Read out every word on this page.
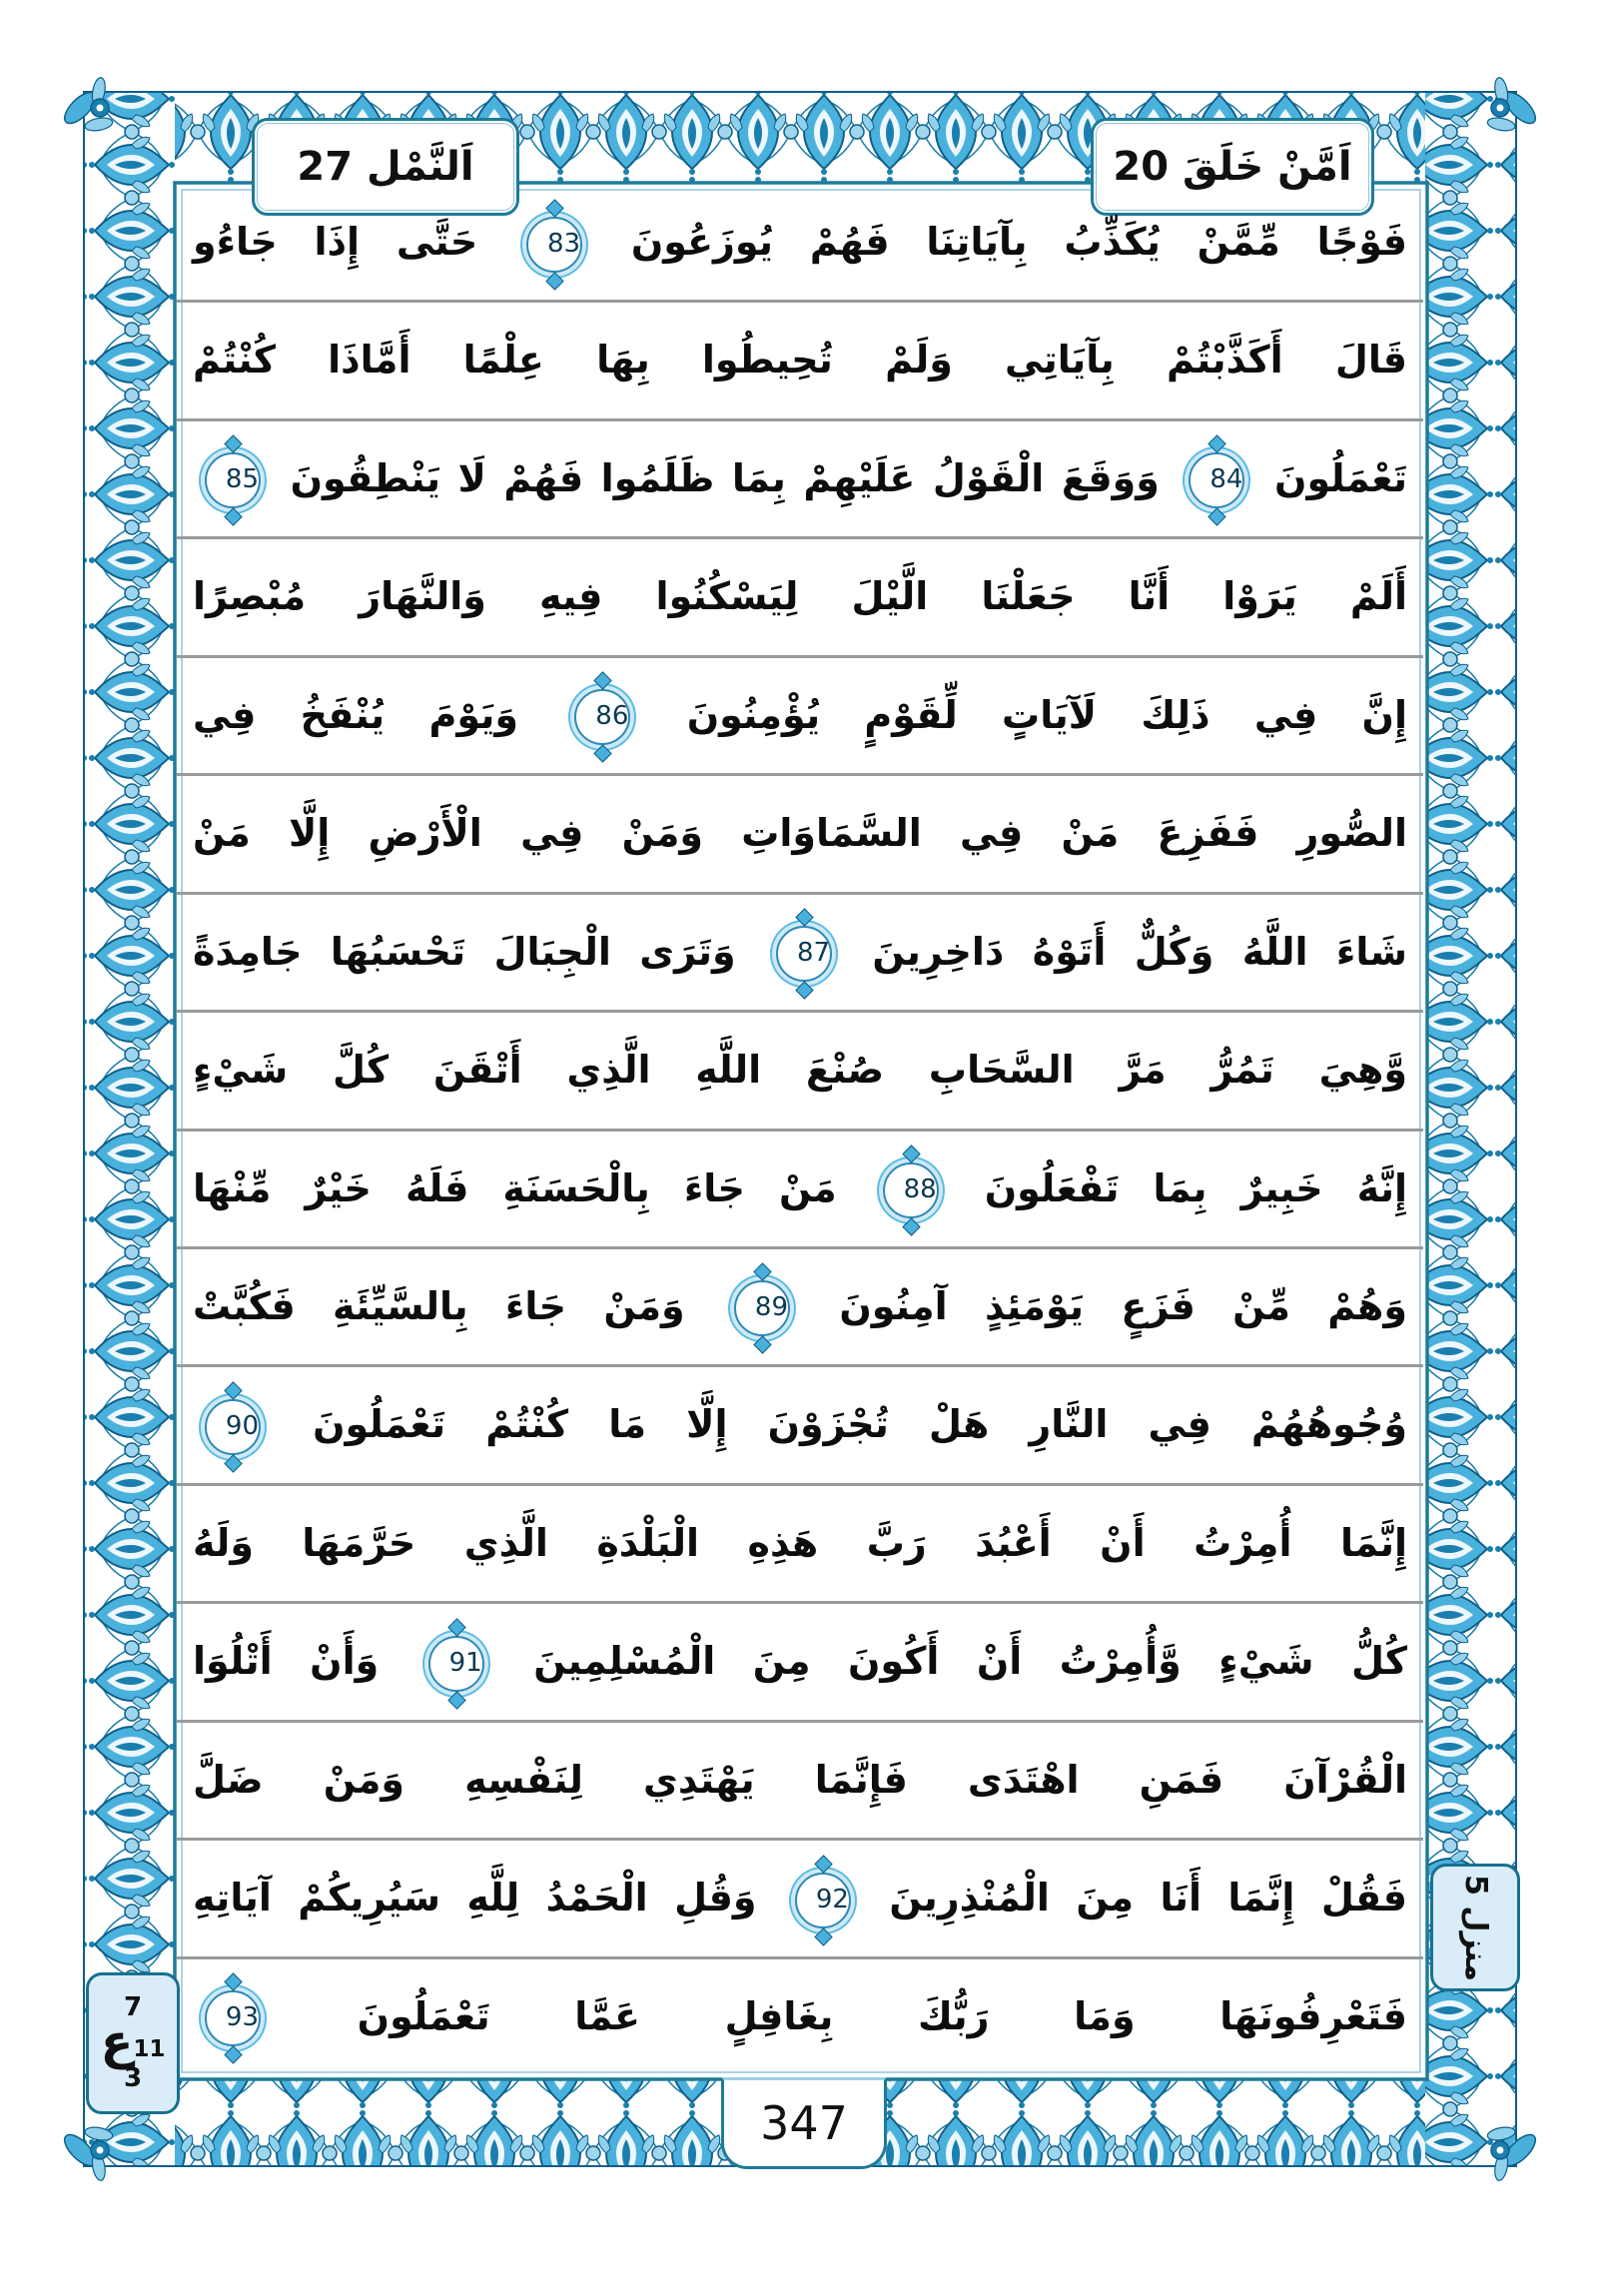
اَلنَّمْل 27	اَمَّنْ خَلَقَ 20
فَوْجًا مِّمَّنْ يُكَذِّبُ بِآيَاتِنَا فَهُمْ يُوزَعُونَ 83 حَتَّى إِذَا جَاءُو
قَالَ أَكَذَّبْتُمْ بِآيَاتِي وَلَمْ تُحِيطُوا بِهَا عِلْمًا أَمَّاذَا كُنْتُمْ
تَعْمَلُونَ 84 وَوَقَعَ الْقَوْلُ عَلَيْهِمْ بِمَا ظَلَمُوا فَهُمْ لَا يَنْطِقُونَ 85
أَلَمْ يَرَوْا أَنَّا جَعَلْنَا الَّيْلَ لِيَسْكُنُوا فِيهِ وَالنَّهَارَ مُبْصِرًا
إِنَّ فِي ذَلِكَ لَآيَاتٍ لِّقَوْمٍ يُؤْمِنُونَ 86 وَيَوْمَ يُنْفَخُ فِي
الصُّورِ فَفَزِعَ مَنْ فِي السَّمَاوَاتِ وَمَنْ فِي الْأَرْضِ إِلَّا مَنْ
شَاءَ اللَّهُ وَكُلٌّ أَتَوْهُ دَاخِرِينَ 87 وَتَرَى الْجِبَالَ تَحْسَبُهَا جَامِدَةً
وَّهِيَ تَمُرُّ مَرَّ السَّحَابِ صُنْعَ اللَّهِ الَّذِي أَتْقَنَ كُلَّ شَيْءٍ
إِنَّهُ خَبِيرٌ بِمَا تَفْعَلُونَ 88 مَنْ جَاءَ بِالْحَسَنَةِ فَلَهُ خَيْرٌ مِّنْهَا
وَهُمْ مِّنْ فَزَعٍ يَوْمَئِذٍ آمِنُونَ 89 وَمَنْ جَاءَ بِالسَّيِّئَةِ فَكُبَّتْ
وُجُوهُهُمْ فِي النَّارِ هَلْ تُجْزَوْنَ إِلَّا مَا كُنْتُمْ تَعْمَلُونَ 90
إِنَّمَا أُمِرْتُ أَنْ أَعْبُدَ رَبَّ هَذِهِ الْبَلْدَةِ الَّذِي حَرَّمَهَا وَلَهُ
كُلُّ شَيْءٍ وَّأُمِرْتُ أَنْ أَكُونَ مِنَ الْمُسْلِمِينَ 91 وَأَنْ أَتْلُوَا
الْقُرْآنَ فَمَنِ اهْتَدَى فَإِنَّمَا يَهْتَدِي لِنَفْسِهِ وَمَنْ ضَلَّ
فَقُلْ إِنَّمَا أَنَا مِنَ الْمُنْذِرِينَ 92 وَقُلِ الْحَمْدُ لِلَّهِ سَيُرِيكُمْ آيَاتِهِ
فَتَعْرِفُونَهَا وَمَا رَبُّكَ بِغَافِلٍ عَمَّا تَعْمَلُونَ 93
7
ع 11
3
منزل 5
347
